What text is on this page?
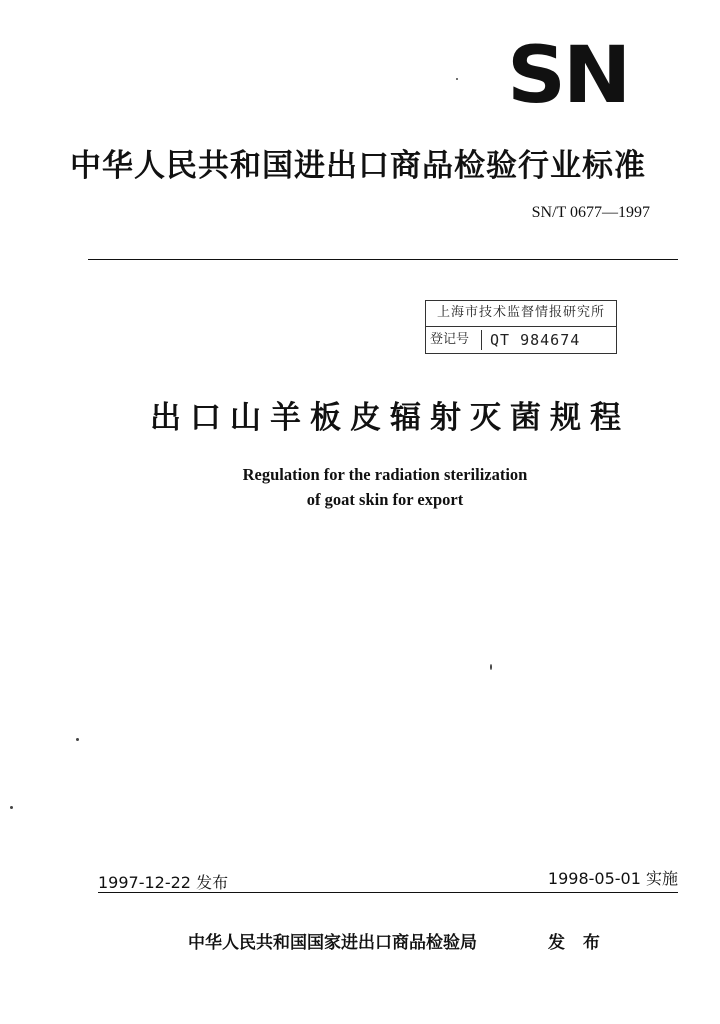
SN
中华人民共和国进出口商品检验行业标准
SN/T 0677—1997
上海市技术监督情报研究所
登记号 QT 984674
出口山羊板皮辐射灭菌规程
Regulation for the radiation sterilization
of goat skin for export
1997-12-22 发布	1998-05-01 实施
中华人民共和国国家进出口商品检验局	发 布
